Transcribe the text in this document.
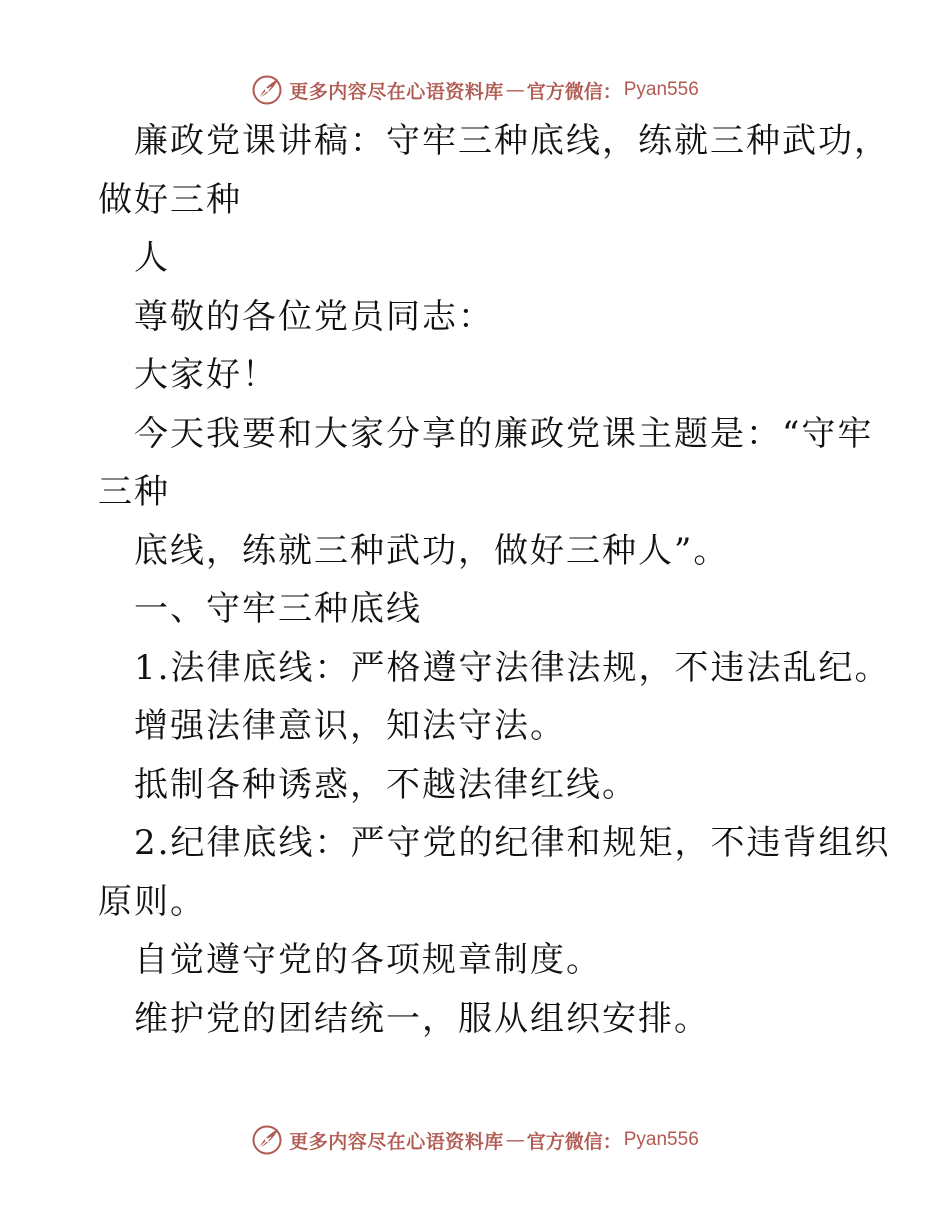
更多内容尽在心语资料库 — 官方微信： Pyan556
廉政党课讲稿：守牢三种底线，练就三种武功，
做好三种
人
尊敬的各位党员同志：
大家好！
今天我要和大家分享的廉政党课主题是：“守牢
三种
底线，练就三种武功，做好三种人”。
一、守牢三种底线
1.法律底线：严格遵守法律法规，不违法乱纪。
增强法律意识，知法守法。
抵制各种诱惑，不越法律红线。
2.纪律底线：严守党的纪律和规矩，不违背组织
原则。
自觉遵守党的各项规章制度。
维护党的团结统一，服从组织安排。
更多内容尽在心语资料库 — 官方微信： Pyan556
